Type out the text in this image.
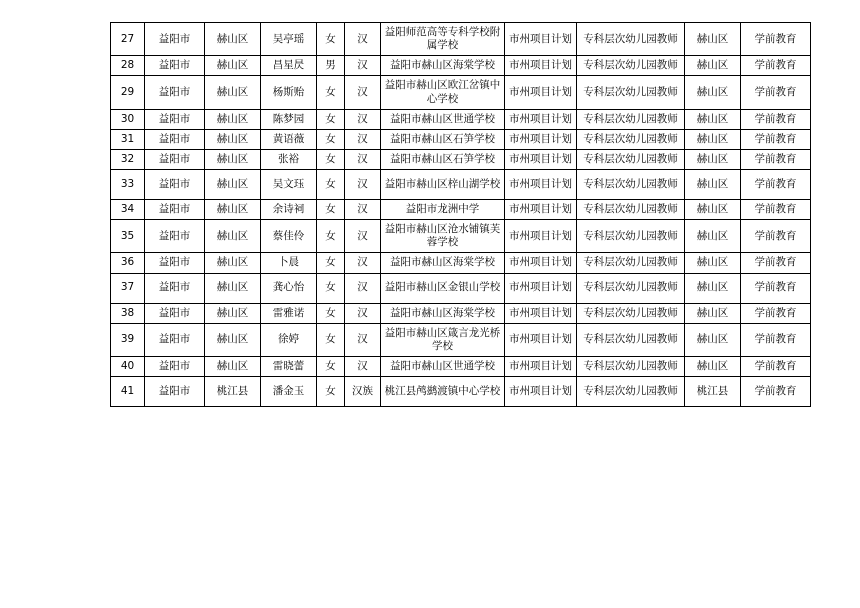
27	益阳市	赫山区	吴亭瑶	女	汉	益阳师范高等专科学校附属学校	市州项目计划	专科层次幼儿园教师	赫山区	学前教育
28	益阳市	赫山区	昌星昃	男	汉	益阳市赫山区海棠学校	市州项目计划	专科层次幼儿园教师	赫山区	学前教育
29	益阳市	赫山区	杨斯贻	女	汉	益阳市赫山区欧江岔镇中心学校	市州项目计划	专科层次幼儿园教师	赫山区	学前教育
30	益阳市	赫山区	陈梦园	女	汉	益阳市赫山区世通学校	市州项目计划	专科层次幼儿园教师	赫山区	学前教育
31	益阳市	赫山区	黄语薇	女	汉	益阳市赫山区石笋学校	市州项目计划	专科层次幼儿园教师	赫山区	学前教育
32	益阳市	赫山区	张裕	女	汉	益阳市赫山区石笋学校	市州项目计划	专科层次幼儿园教师	赫山区	学前教育
33	益阳市	赫山区	吴文珏	女	汉	益阳市赫山区梓山湖学校	市州项目计划	专科层次幼儿园教师	赫山区	学前教育
34	益阳市	赫山区	余诗祠	女	汉	益阳市龙洲中学	市州项目计划	专科层次幼儿园教师	赫山区	学前教育
35	益阳市	赫山区	蔡佳伶	女	汉	益阳市赫山区沧水铺镇芙蓉学校	市州项目计划	专科层次幼儿园教师	赫山区	学前教育
36	益阳市	赫山区	卜晨	女	汉	益阳市赫山区海棠学校	市州项目计划	专科层次幼儿园教师	赫山区	学前教育
37	益阳市	赫山区	龚心怡	女	汉	益阳市赫山区金银山学校	市州项目计划	专科层次幼儿园教师	赫山区	学前教育
38	益阳市	赫山区	雷雅诺	女	汉	益阳市赫山区海棠学校	市州项目计划	专科层次幼儿园教师	赫山区	学前教育
39	益阳市	赫山区	徐婷	女	汉	益阳市赫山区箴言龙光桥学校	市州项目计划	专科层次幼儿园教师	赫山区	学前教育
40	益阳市	赫山区	雷晓蕾	女	汉	益阳市赫山区世通学校	市州项目计划	专科层次幼儿园教师	赫山区	学前教育
41	益阳市	桃江县	潘金玉	女	汉族	桃江县鸬鹚渡镇中心学校	市州项目计划	专科层次幼儿园教师	桃江县	学前教育
